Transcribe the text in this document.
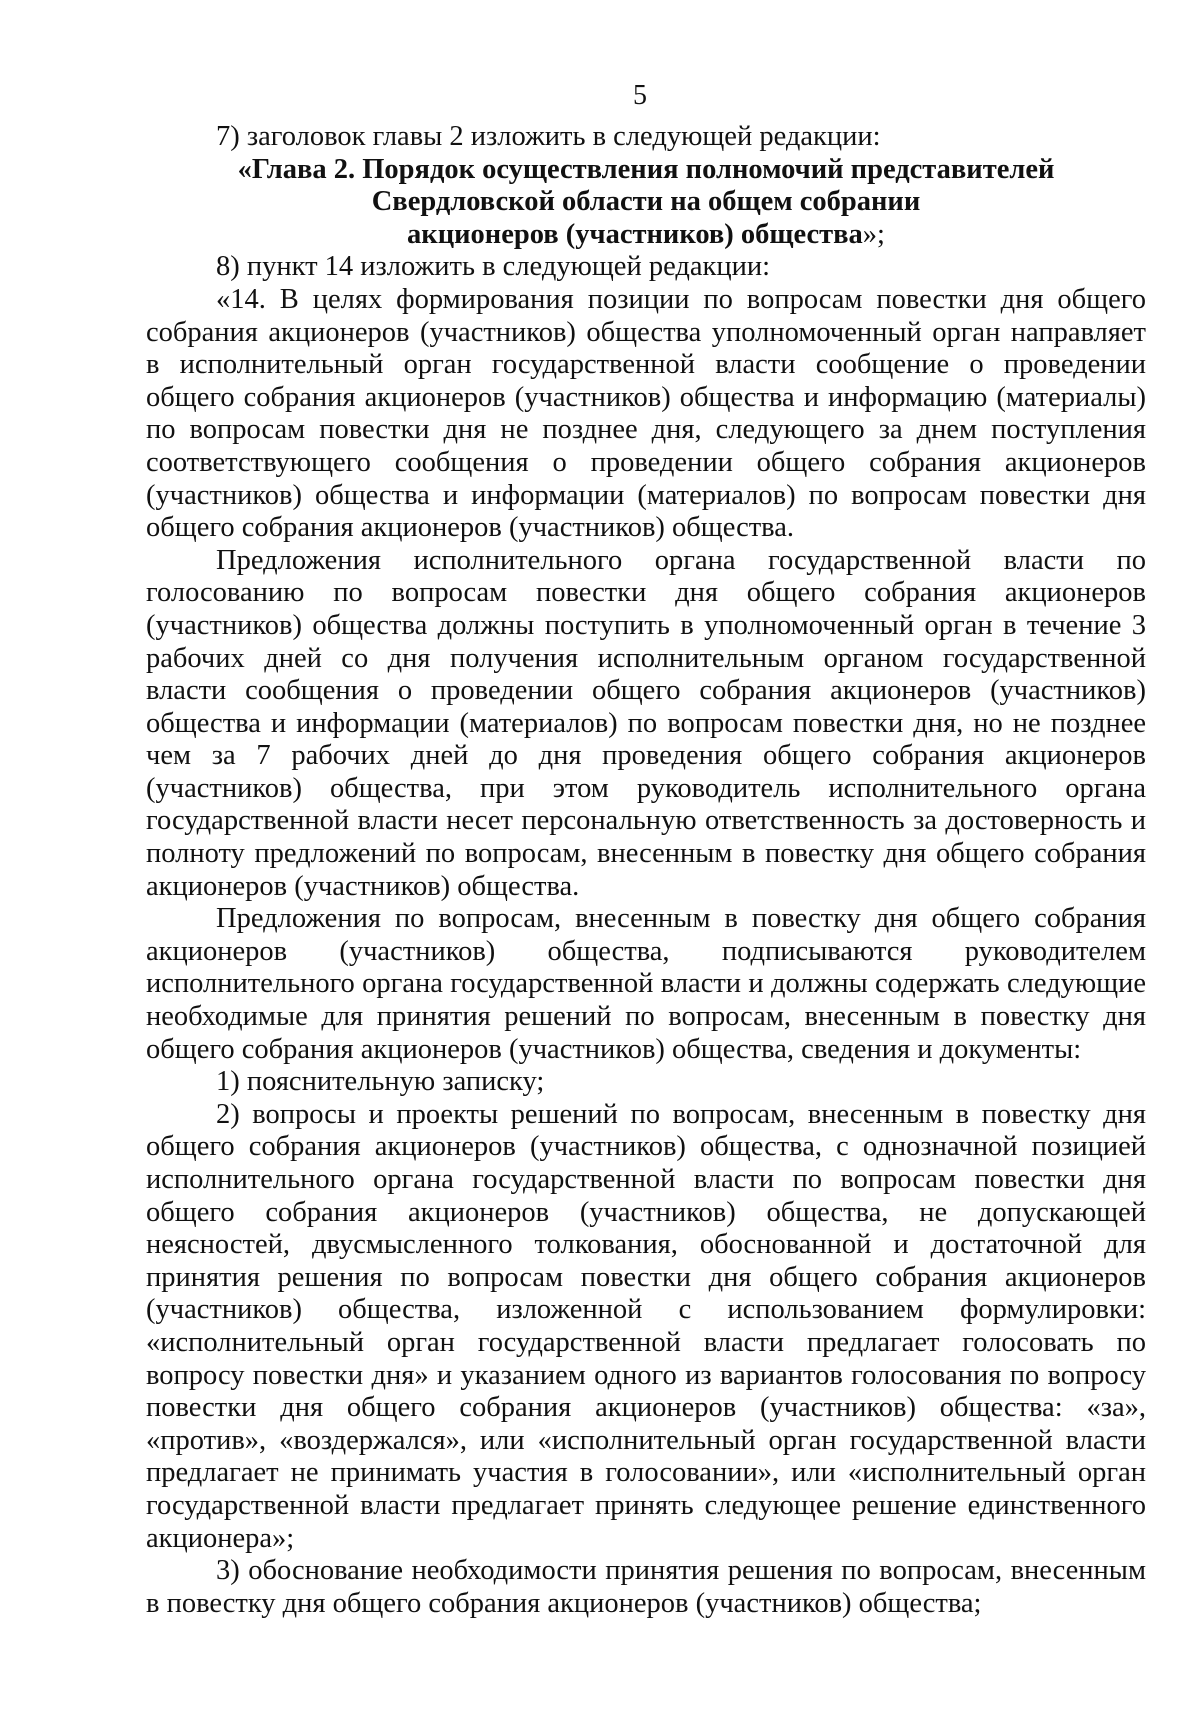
5

7) заголовок главы 2 изложить в следующей редакции:

«Глава 2. Порядок осуществления полномочий представителей

Свердловской области на общем собрании

акционеров (участников) общества»;

8) пункт 14 изложить в следующей редакции:

«14. В целях формирования позиции по вопросам повестки дня общего собрания акционеров (участников) общества уполномоченный орган направляет в исполнительный орган государственной власти сообщение о проведении общего собрания акционеров (участников) общества и информацию (материалы) по вопросам повестки дня не позднее дня, следующего за днем поступления соответствующего сообщения о проведении общего собрания акционеров (участников) общества и информации (материалов) по вопросам повестки дня общего собрания акционеров (участников) общества.

Предложения исполнительного органа государственной власти по голосованию по вопросам повестки дня общего собрания акционеров (участников) общества должны поступить в уполномоченный орган в течение 3 рабочих дней со дня получения исполнительным органом государственной власти сообщения о проведении общего собрания акционеров (участников) общества и информации (материалов) по вопросам повестки дня, но не позднее чем за 7 рабочих дней до дня проведения общего собрания акционеров (участников) общества, при этом руководитель исполнительного органа государственной власти несет персональную ответственность за достоверность и полноту предложений по вопросам, внесенным в повестку дня общего собрания акционеров (участников) общества.

Предложения по вопросам, внесенным в повестку дня общего собрания акционеров (участников) общества, подписываются руководителем исполнительного органа государственной власти и должны содержать следующие необходимые для принятия решений по вопросам, внесенным в повестку дня общего собрания акционеров (участников) общества, сведения и документы:

1) пояснительную записку;

2) вопросы и проекты решений по вопросам, внесенным в повестку дня общего собрания акционеров (участников) общества, с однозначной позицией исполнительного органа государственной власти по вопросам повестки дня общего собрания акционеров (участников) общества, не допускающей неясностей, двусмысленного толкования, обоснованной и достаточной для принятия решения по вопросам повестки дня общего собрания акционеров (участников) общества, изложенной с использованием формулировки: «исполнительный орган государственной власти предлагает голосовать по вопросу повестки дня» и указанием одного из вариантов голосования по вопросу повестки дня общего собрания акционеров (участников) общества: «за», «против», «воздержался», или «исполнительный орган государственной власти предлагает не принимать участия в голосовании», или «исполнительный орган государственной власти предлагает принять следующее решение единственного акционера»;

3) обоснование необходимости принятия решения по вопросам, внесенным в повестку дня общего собрания акционеров (участников) общества;
